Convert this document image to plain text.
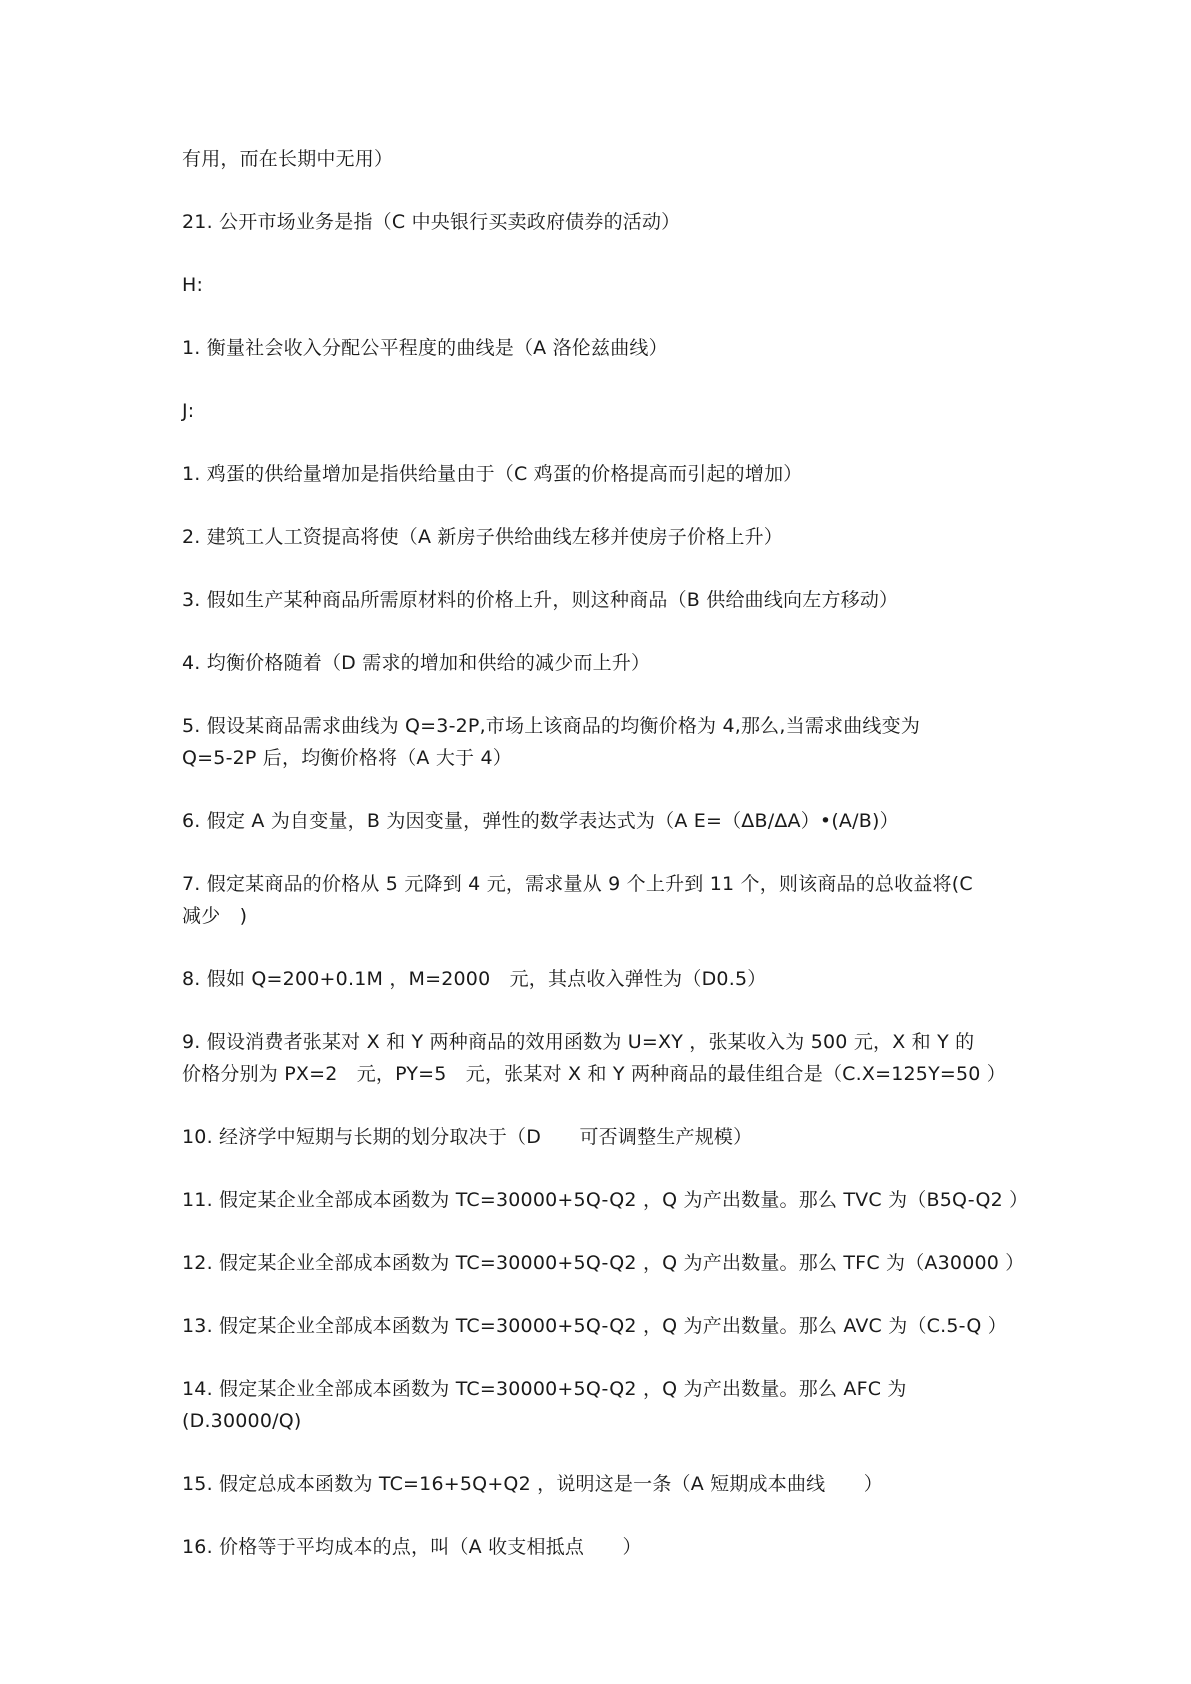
有用，而在长期中无用）

21. 公开市场业务是指（C 中央银行买卖政府债券的活动）

H:

1. 衡量社会收入分配公平程度的曲线是（A 洛伦兹曲线）

J:

1. 鸡蛋的供给量增加是指供给量由于（C 鸡蛋的价格提高而引起的增加）

2. 建筑工人工资提高将使（A 新房子供给曲线左移并使房子价格上升）

3. 假如生产某种商品所需原材料的价格上升，则这种商品（B 供给曲线向左方移动）

4. 均衡价格随着（D 需求的增加和供给的减少而上升）

5. 假设某商品需求曲线为 Q=3-2P,市场上该商品的均衡价格为 4,那么,当需求曲线变为
Q=5-2P 后，均衡价格将（A 大于 4）

6. 假定 A 为自变量，B 为因变量，弹性的数学表达式为（A E=（ΔB/ΔA）•(A/B)）

7. 假定某商品的价格从 5 元降到 4 元，需求量从 9 个上升到 11 个，则该商品的总收益将(C
减少　)

8. 假如 Q=200+0.1M ，M=2000　元，其点收入弹性为（D0.5）

9. 假设消费者张某对 X 和 Y 两种商品的效用函数为 U=XY ，张某收入为 500 元，X 和 Y 的
价格分别为 PX=2　元，PY=5　元，张某对 X 和 Y 两种商品的最佳组合是（C.X=125Y=50 ）

10. 经济学中短期与长期的划分取决于（D　　可否调整生产规模）

11. 假定某企业全部成本函数为 TC=30000+5Q-Q2 ，Q 为产出数量。那么 TVC 为（B5Q-Q2 ）

12. 假定某企业全部成本函数为 TC=30000+5Q-Q2 ，Q 为产出数量。那么 TFC 为（A30000 ）

13. 假定某企业全部成本函数为 TC=30000+5Q-Q2 ，Q 为产出数量。那么 AVC 为（C.5-Q ）

14. 假定某企业全部成本函数为 TC=30000+5Q-Q2 ，Q 为产出数量。那么 AFC 为(D.30000/Q)

15. 假定总成本函数为 TC=16+5Q+Q2 ，说明这是一条（A 短期成本曲线　　）

16. 价格等于平均成本的点，叫（A 收支相抵点　　）
